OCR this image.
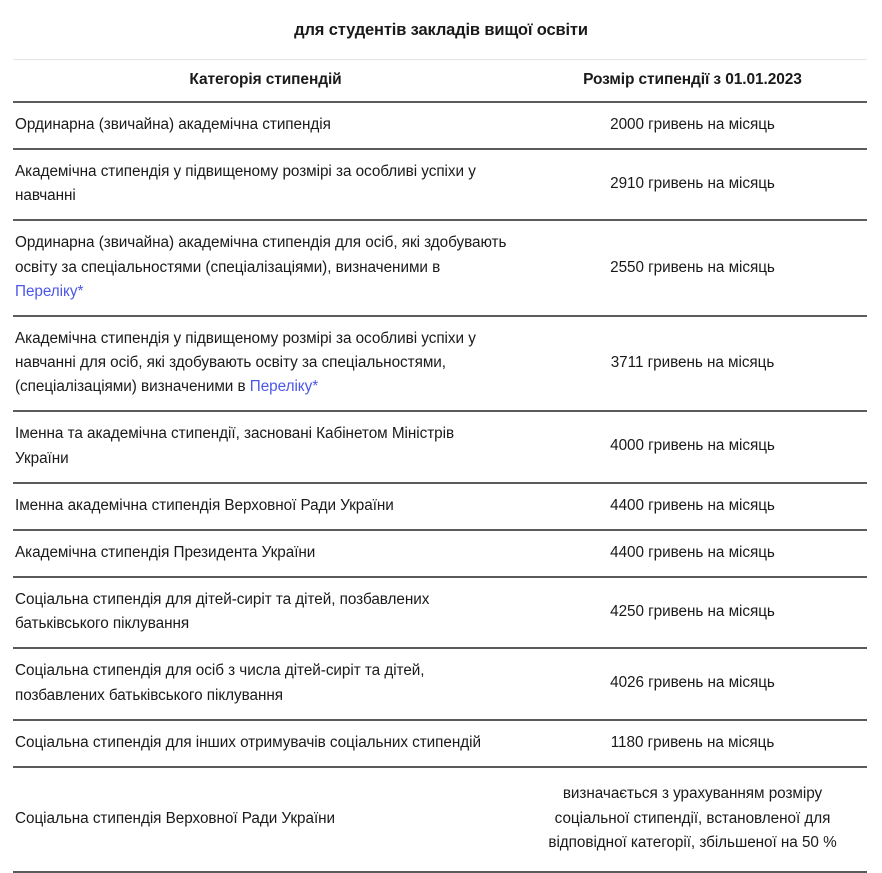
для студентів закладів вищої освіти
Категорія стипендій	Розмір стипендії з 01.01.2023
Ординарна (звичайна) академічна стипендія	2000 гривень на місяць
Академічна стипендія у підвищеному розмірі за особливі успіхи у навчанні	2910 гривень на місяць
Ординарна (звичайна) академічна стипендія для осіб, які здобувають освіту за спеціальностями (спеціалізаціями), визначеними в Переліку*	2550 гривень на місяць
Академічна стипендія у підвищеному розмірі за особливі успіхи у навчанні для осіб, які здобувають освіту за спеціальностями, (спеціалізаціями) визначеними в Переліку*	3711 гривень на місяць
Іменна та академічна стипендії, засновані Кабінетом Міністрів України	4000 гривень на місяць
Іменна академічна стипендія Верховної Ради України	4400 гривень на місяць
Академічна стипендія Президента України	4400 гривень на місяць
Соціальна стипендія для дітей-сиріт та дітей, позбавлених батьківського піклування	4250 гривень на місяць
Соціальна стипендія для осіб з числа дітей-сиріт та дітей, позбавлених батьківського піклування	4026 гривень на місяць
Соціальна стипендія для інших отримувачів соціальних стипендій	1180 гривень на місяць
Соціальна стипендія Верховної Ради України	визначається з урахуванням розміру соціальної стипендії, встановленої для відповідної категорії, збільшеної на 50 %
